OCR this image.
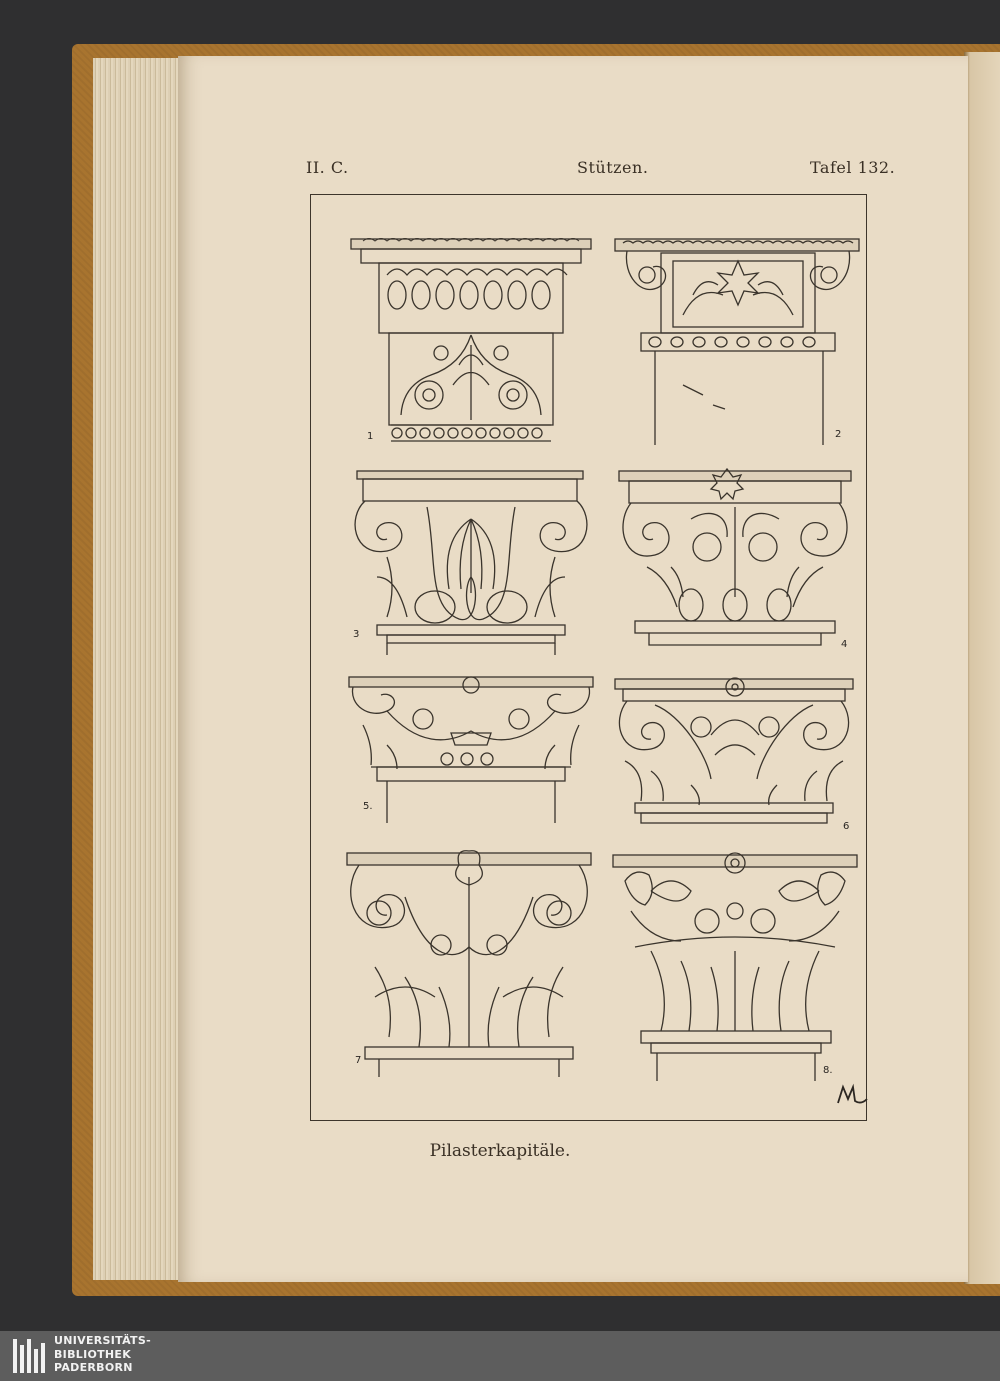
II. C.	Stützen.	Tafel 132.
1	2
3
4
5.
6
7
8.
Pilasterkapitäle.
UNIVERSITÄTS-
BIBLIOTHEK
PADERBORN
